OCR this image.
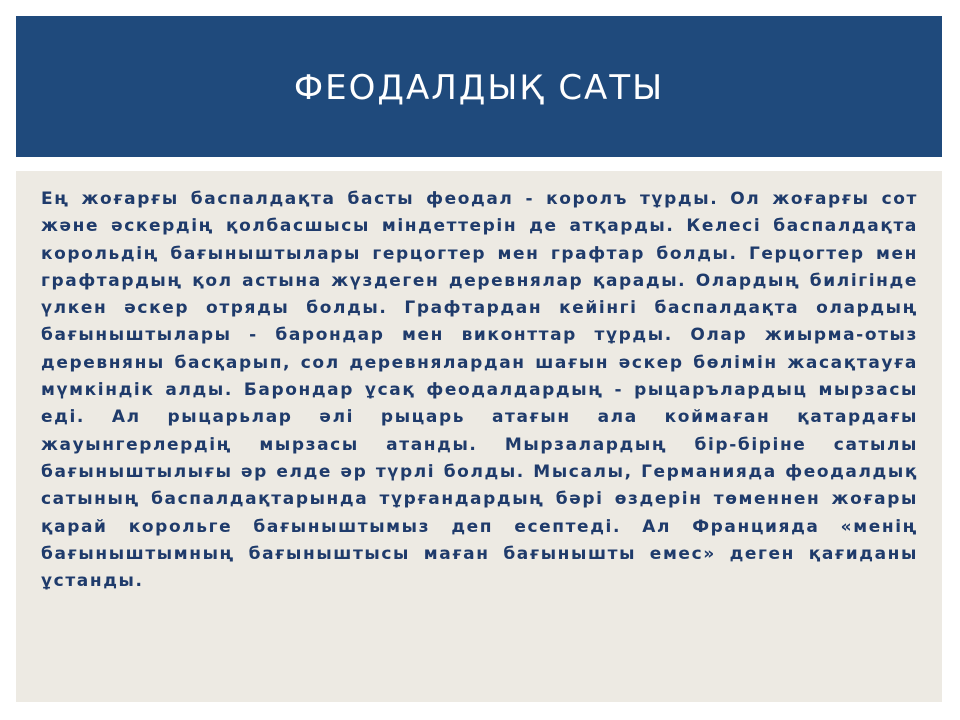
ФЕОДАЛДЫҚ САТЫ

Ең жоғарғы баспалдақта басты феодал - королъ тұрды. Ол жоғарғы сот және әскердің қолбасшысы міндеттерін де атқарды. Келесі баспалдақта корольдің бағыныштылары герцогтер мен графтар болды. Герцогтер мен графтардың қол астына жүздеген деревнялар қарады. Олардың билігінде үлкен әскер отряды болды. Графтардан кейінгі баспалдақта олардың бағыныштылары - барондар мен виконттар тұрды. Олар жиырма-отыз деревняны басқарып, сол деревнялардан шағын әскер бөлімін жасақтауға мүмкіндік алды. Барондар ұсақ феодалдардың - рыцарълардыц мырзасы еді. Ал рыцарьлар әлі рыцарь атағын ала коймаған қатардағы жауынгерлердің мырзасы атанды. Мырзалардың бір-біріне сатылы бағыныштылығы әр елде әр түрлі болды. Мысалы, Германияда феодалдық сатының баспалдақтарында тұрғандардың бәрі өздерін төменнен жоғары қарай корольге бағыныштымыз деп есептеді. Ал Францияда «менің бағыныштымның бағыныштысы маған бағынышты емес» деген қағиданы ұстанды.
